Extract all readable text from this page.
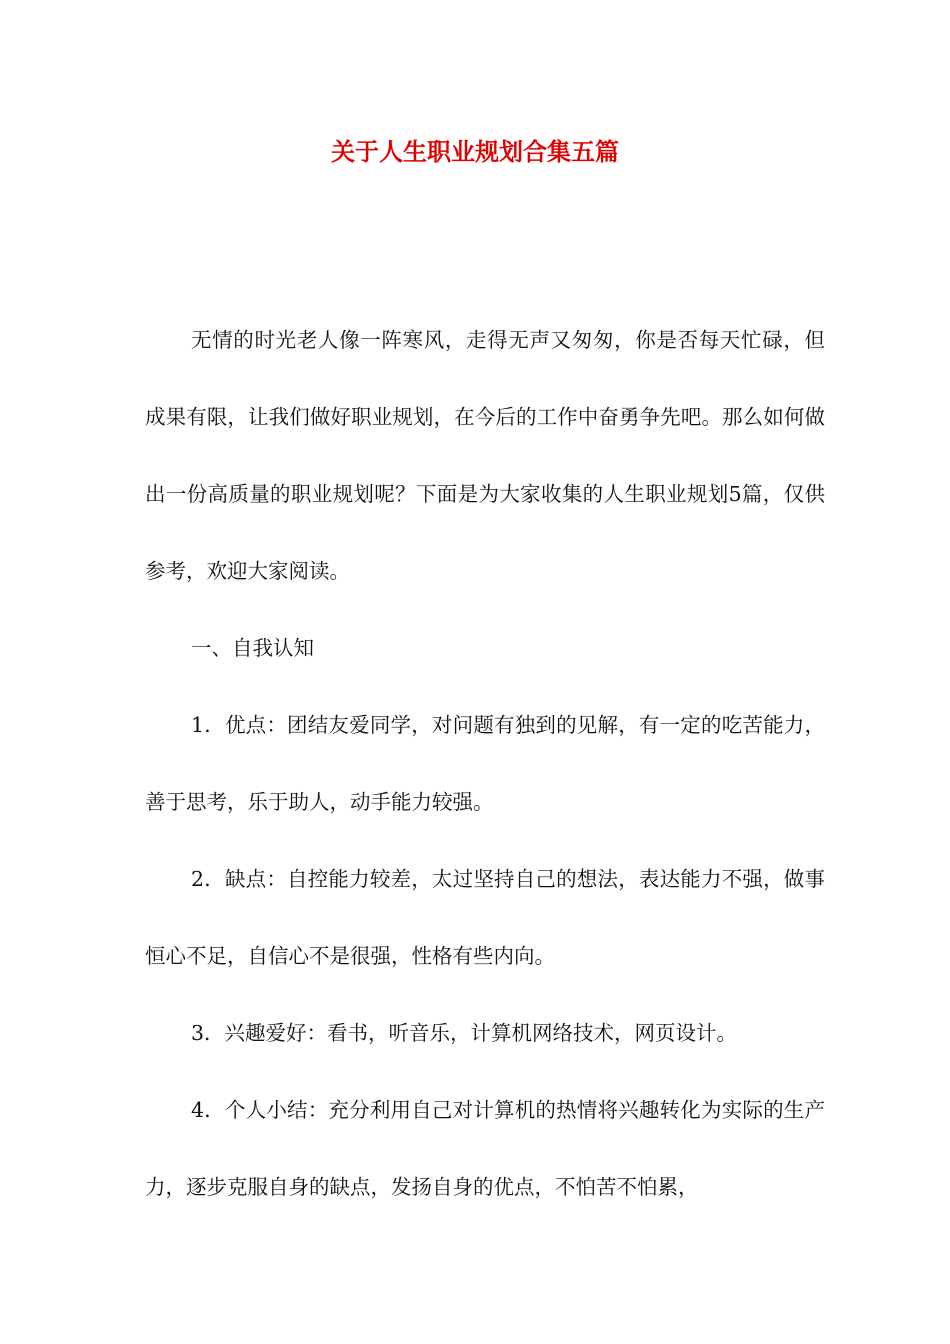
关于人生职业规划合集五篇

无情的时光老人像一阵寒风，走得无声又匆匆，你是否每天忙碌，但成果有限，让我们做好职业规划，在今后的工作中奋勇争先吧。那么如何做出一份高质量的职业规划呢？下面是为大家收集的人生职业规划5篇，仅供参考，欢迎大家阅读。

一、自我认知

1．优点：团结友爱同学，对问题有独到的见解，有一定的吃苦能力，善于思考，乐于助人，动手能力较强。

2．缺点：自控能力较差，太过坚持自己的想法，表达能力不强，做事恒心不足，自信心不是很强，性格有些内向。

3．兴趣爱好：看书，听音乐，计算机网络技术，网页设计。

4．个人小结：充分利用自己对计算机的热情将兴趣转化为实际的生产力，逐步克服自身的缺点，发扬自身的优点，不怕苦不怕累，
